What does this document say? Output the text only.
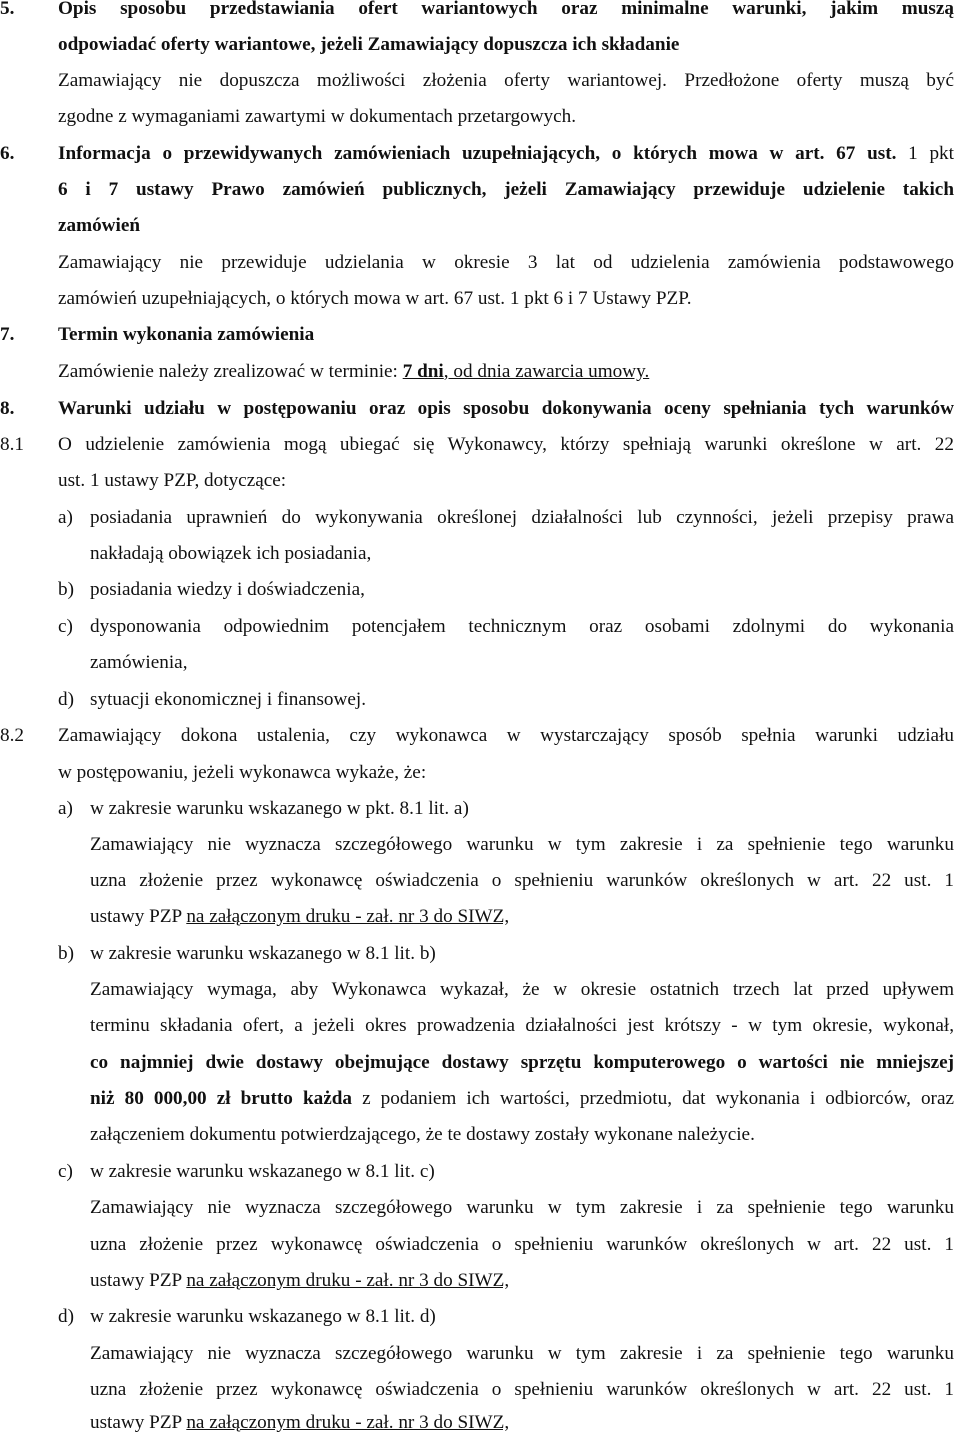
5. Opis sposobu przedstawiania ofert wariantowych oraz minimalne warunki, jakim muszą
odpowiadać oferty wariantowe, jeżeli Zamawiający dopuszcza ich składanie
Zamawiający nie dopuszcza możliwości złożenia oferty wariantowej. Przedłożone oferty muszą być
zgodne z wymaganiami zawartymi w dokumentach przetargowych.
6. Informacja o przewidywanych zamówieniach uzupełniających, o których mowa w art. 67 ust. 1 pkt
6 i 7 ustawy Prawo zamówień publicznych, jeżeli Zamawiający przewiduje udzielenie takich
zamówień
Zamawiający nie przewiduje udzielania w okresie 3 lat od udzielenia zamówienia podstawowego
zamówień uzupełniających, o których mowa w art. 67 ust. 1 pkt 6 i 7 Ustawy PZP.
7. Termin wykonania zamówienia
Zamówienie należy zrealizować w terminie: 7 dni, od dnia zawarcia umowy.
8. Warunki udziału w postępowaniu oraz opis sposobu dokonywania oceny spełniania tych warunków
8.1 O udzielenie zamówienia mogą ubiegać się Wykonawcy, którzy spełniają warunki określone w art. 22
ust. 1 ustawy PZP, dotyczące:
a) posiadania uprawnień do wykonywania określonej działalności lub czynności, jeżeli przepisy prawa
nakładają obowiązek ich posiadania,
b) posiadania wiedzy i doświadczenia,
c) dysponowania odpowiednim potencjałem technicznym oraz osobami zdolnymi do wykonania
zamówienia,
d) sytuacji ekonomicznej i finansowej.
8.2 Zamawiający dokona ustalenia, czy wykonawca w wystarczający sposób spełnia warunki udziału
w postępowaniu, jeżeli wykonawca wykaże, że:
a) w zakresie warunku wskazanego w pkt. 8.1 lit. a)
Zamawiający nie wyznacza szczegółowego warunku w tym zakresie i za spełnienie tego warunku
uzna złożenie przez wykonawcę oświadczenia o spełnieniu warunków określonych w art. 22 ust. 1
ustawy PZP na załączonym druku - zał. nr 3 do SIWZ,
b) w zakresie warunku wskazanego w 8.1 lit. b)
Zamawiający wymaga, aby Wykonawca wykazał, że w okresie ostatnich trzech lat przed upływem
terminu składania ofert, a jeżeli okres prowadzenia działalności jest krótszy - w tym okresie, wykonał,
co najmniej dwie dostawy obejmujące dostawy sprzętu komputerowego o wartości nie mniejszej
niż 80 000,00 zł brutto każda z podaniem ich wartości, przedmiotu, dat wykonania i odbiorców, oraz
załączeniem dokumentu potwierdzającego, że te dostawy zostały wykonane należycie.
c) w zakresie warunku wskazanego w 8.1 lit. c)
Zamawiający nie wyznacza szczegółowego warunku w tym zakresie i za spełnienie tego warunku
uzna złożenie przez wykonawcę oświadczenia o spełnieniu warunków określonych w art. 22 ust. 1
ustawy PZP na załączonym druku - zał. nr 3 do SIWZ,
d) w zakresie warunku wskazanego w 8.1 lit. d)
Zamawiający nie wyznacza szczegółowego warunku w tym zakresie i za spełnienie tego warunku
uzna złożenie przez wykonawcę oświadczenia o spełnieniu warunków określonych w art. 22 ust. 1
ustawy PZP na załączonym druku - zał. nr 3 do SIWZ,
